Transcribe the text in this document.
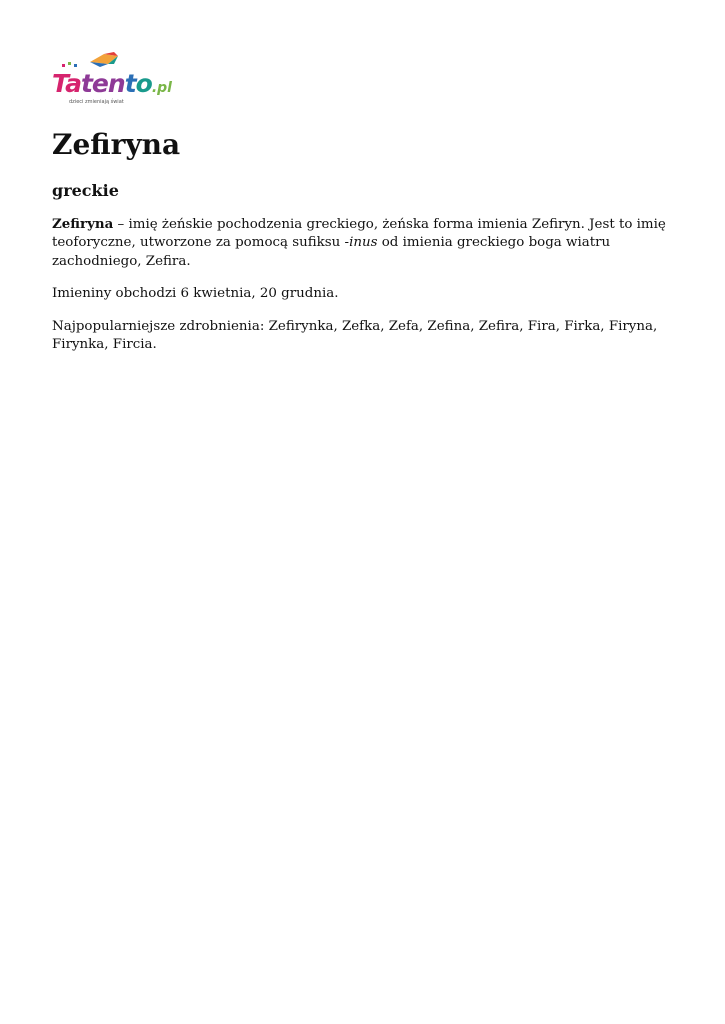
Tatento.pl
dzieci zmieniają świat
Zefiryna
greckie

Zefiryna – imię żeńskie pochodzenia greckiego, żeńska forma imienia Zefiryn. Jest to imię teoforyczne, utworzone za pomocą sufiksu -inus od imienia greckiego boga wiatru zachodniego, Zefira.

Imieniny obchodzi 6 kwietnia, 20 grudnia.

Najpopularniejsze zdrobnienia: Zefirynka, Zefka, Zefa, Zefina, Zefira, Fira, Firka, Firyna, Firynka, Fircia.
